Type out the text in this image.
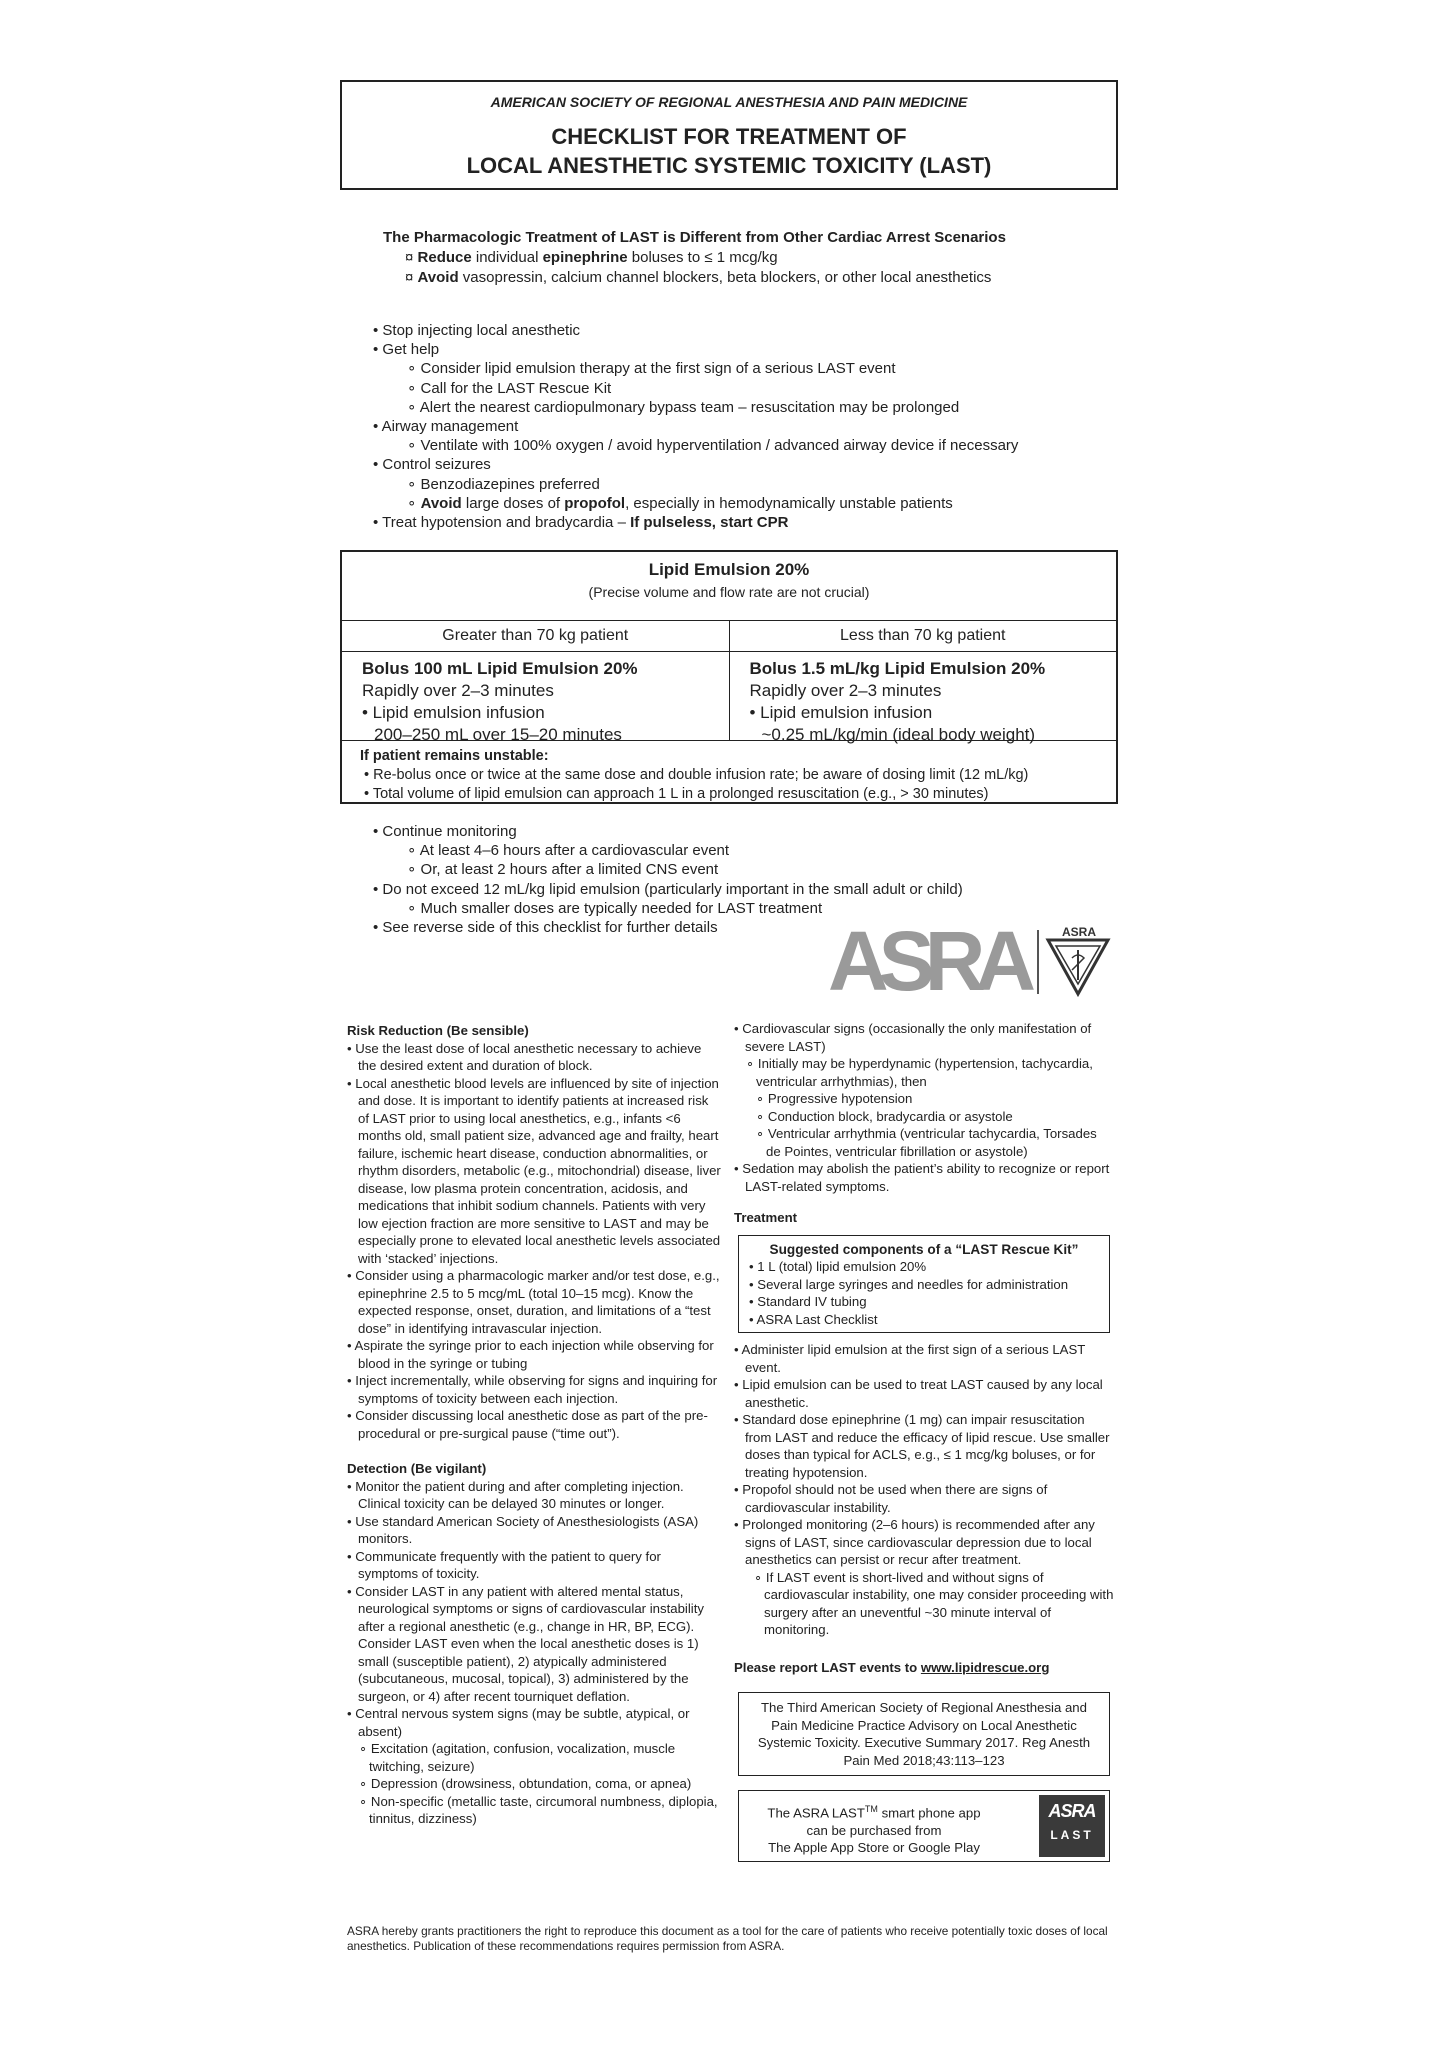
AMERICAN SOCIETY OF REGIONAL ANESTHESIA AND PAIN MEDICINE
CHECKLIST FOR TREATMENT OF
LOCAL ANESTHETIC SYSTEMIC TOXICITY (LAST)
The Pharmacologic Treatment of LAST is Different from Other Cardiac Arrest Scenarios
¤ Reduce individual epinephrine boluses to ≤ 1 mcg/kg
¤ Avoid vasopressin, calcium channel blockers, beta blockers, or other local anesthetics
• Stop injecting local anesthetic
• Get help
∘ Consider lipid emulsion therapy at the first sign of a serious LAST event
∘ Call for the LAST Rescue Kit
∘ Alert the nearest cardiopulmonary bypass team – resuscitation may be prolonged
• Airway management
∘ Ventilate with 100% oxygen / avoid hyperventilation / advanced airway device if necessary
• Control seizures
∘ Benzodiazepines preferred
∘ Avoid large doses of propofol, especially in hemodynamically unstable patients
• Treat hypotension and bradycardia – If pulseless, start CPR
Lipid Emulsion 20%
(Precise volume and flow rate are not crucial)
Greater than 70 kg patient
Bolus 100 mL Lipid Emulsion 20%
Rapidly over 2–3 minutes
• Lipid emulsion infusion
200–250 mL over 15–20 minutes
Less than 70 kg patient
Bolus 1.5 mL/kg Lipid Emulsion 20%
Rapidly over 2–3 minutes
• Lipid emulsion infusion
~0.25 mL/kg/min (ideal body weight)
If patient remains unstable:
• Re-bolus once or twice at the same dose and double infusion rate; be aware of dosing limit (12 mL/kg)
• Total volume of lipid emulsion can approach 1 L in a prolonged resuscitation (e.g., > 30 minutes)
• Continue monitoring
∘ At least 4–6 hours after a cardiovascular event
∘ Or, at least 2 hours after a limited CNS event
• Do not exceed 12 mL/kg lipid emulsion (particularly important in the small adult or child)
∘ Much smaller doses are typically needed for LAST treatment
• See reverse side of this checklist for further details	ASRA	ASRA
Risk Reduction (Be sensible)
• Use the least dose of local anesthetic necessary to achieve the desired extent and duration of block.
• Local anesthetic blood levels are influenced by site of injection and dose. It is important to identify patients at increased risk of LAST prior to using local anesthetics, e.g., infants <6 months old, small patient size, advanced age and frailty, heart failure, ischemic heart disease, conduction abnormalities, or rhythm disorders, metabolic (e.g., mitochondrial) disease, liver disease, low plasma protein concentration, acidosis, and medications that inhibit sodium channels. Patients with very low ejection fraction are more sensitive to LAST and may be especially prone to elevated local anesthetic levels associated with ‘stacked’ injections.
• Consider using a pharmacologic marker and/or test dose, e.g., epinephrine 2.5 to 5 mcg/mL (total 10–15 mcg). Know the expected response, onset, duration, and limitations of a “test dose” in identifying intravascular injection.
• Aspirate the syringe prior to each injection while observing for blood in the syringe or tubing
• Inject incrementally, while observing for signs and inquiring for symptoms of toxicity between each injection.
• Consider discussing local anesthetic dose as part of the pre-procedural or pre-surgical pause (“time out”).
Detection (Be vigilant)
• Monitor the patient during and after completing injection. Clinical toxicity can be delayed 30 minutes or longer.
• Use standard American Society of Anesthesiologists (ASA) monitors.
• Communicate frequently with the patient to query for symptoms of toxicity.
• Consider LAST in any patient with altered mental status, neurological symptoms or signs of cardiovascular instability after a regional anesthetic (e.g., change in HR, BP, ECG). Consider LAST even when the local anesthetic doses is 1) small (susceptible patient), 2) atypically administered (subcutaneous, mucosal, topical), 3) administered by the surgeon, or 4) after recent tourniquet deflation.
• Central nervous system signs (may be subtle, atypical, or absent)
∘ Excitation (agitation, confusion, vocalization, muscle twitching, seizure)
∘ Depression (drowsiness, obtundation, coma, or apnea)
∘ Non-specific (metallic taste, circumoral numbness, diplopia, tinnitus, dizziness)
• Cardiovascular signs (occasionally the only manifestation of severe LAST)
∘ Initially may be hyperdynamic (hypertension, tachycardia, ventricular arrhythmias), then
∘ Progressive hypotension
∘ Conduction block, bradycardia or asystole
∘ Ventricular arrhythmia (ventricular tachycardia, Torsades de Pointes, ventricular fibrillation or asystole)
• Sedation may abolish the patient’s ability to recognize or report LAST-related symptoms.
Treatment
Suggested components of a “LAST Rescue Kit”
• 1 L (total) lipid emulsion 20%
• Several large syringes and needles for administration
• Standard IV tubing
• ASRA Last Checklist
• Administer lipid emulsion at the first sign of a serious LAST event.
• Lipid emulsion can be used to treat LAST caused by any local anesthetic.
• Standard dose epinephrine (1 mg) can impair resuscitation from LAST and reduce the efficacy of lipid rescue. Use smaller doses than typical for ACLS, e.g., ≤ 1 mcg/kg boluses, or for treating hypotension.
• Propofol should not be used when there are signs of cardiovascular instability.
• Prolonged monitoring (2–6 hours) is recommended after any signs of LAST, since cardiovascular depression due to local anesthetics can persist or recur after treatment.
∘ If LAST event is short-lived and without signs of cardiovascular instability, one may consider proceeding with surgery after an uneventful ~30 minute interval of monitoring.
Please report LAST events to www.lipidrescue.org
The Third American Society of Regional Anesthesia and Pain Medicine Practice Advisory on Local Anesthetic Systemic Toxicity. Executive Summary 2017. Reg Anesth Pain Med 2018;43:113–123
The ASRA LAST™ smart phone app
can be purchased from
The Apple App Store or Google Play
ASRA
LAST
ASRA hereby grants practitioners the right to reproduce this document as a tool for the care of patients who receive potentially toxic doses of local anesthetics. Publication of these recommendations requires permission from ASRA.
